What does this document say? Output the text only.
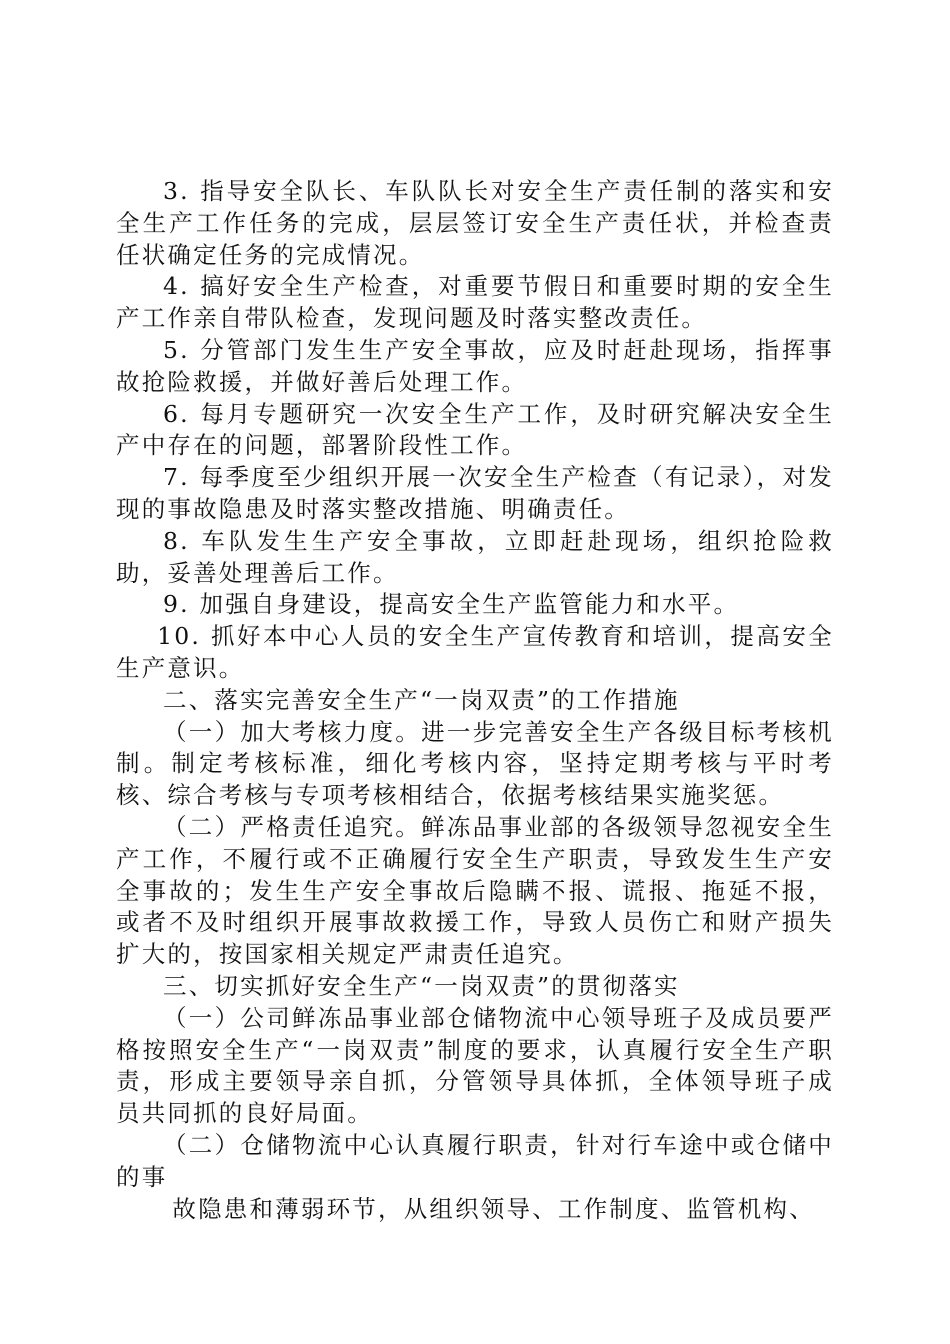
3. 指导安全队长、车队队长对安全生产责任制的落实和安全生产工作任务的完成，层层签订安全生产责任状，并检查责任状确定任务的完成情况。

4. 搞好安全生产检查，对重要节假日和重要时期的安全生产工作亲自带队检查，发现问题及时落实整改责任。

5. 分管部门发生生产安全事故，应及时赶赴现场，指挥事故抢险救援，并做好善后处理工作。

6. 每月专题研究一次安全生产工作，及时研究解决安全生产中存在的问题，部署阶段性工作。

7. 每季度至少组织开展一次安全生产检查（有记录），对发现的事故隐患及时落实整改措施、明确责任。

8. 车队发生生产安全事故，立即赶赴现场，组织抢险救助，妥善处理善后工作。

9. 加强自身建设，提高安全生产监管能力和水平。

10. 抓好本中心人员的安全生产宣传教育和培训，提高安全生产意识。

二、落实完善安全生产“一岗双责”的工作措施

（一）加大考核力度。进一步完善安全生产各级目标考核机制。制定考核标准，细化考核内容，坚持定期考核与平时考核、综合考核与专项考核相结合，依据考核结果实施奖惩。

（二）严格责任追究。鲜冻品事业部的各级领导忽视安全生产工作，不履行或不正确履行安全生产职责，导致发生生产安全事故的；发生生产安全事故后隐瞒不报、谎报、拖延不报，或者不及时组织开展事故救援工作，导致人员伤亡和财产损失扩大的，按国家相关规定严肃责任追究。

三、切实抓好安全生产“一岗双责”的贯彻落实

（一）公司鲜冻品事业部仓储物流中心领导班子及成员要严格按照安全生产“一岗双责”制度的要求，认真履行安全生产职责，形成主要领导亲自抓，分管领导具体抓，全体领导班子成员共同抓的良好局面。

（二）仓储物流中心认真履行职责，针对行车途中或仓储中的事

故隐患和薄弱环节，从组织领导、工作制度、监管机构、
